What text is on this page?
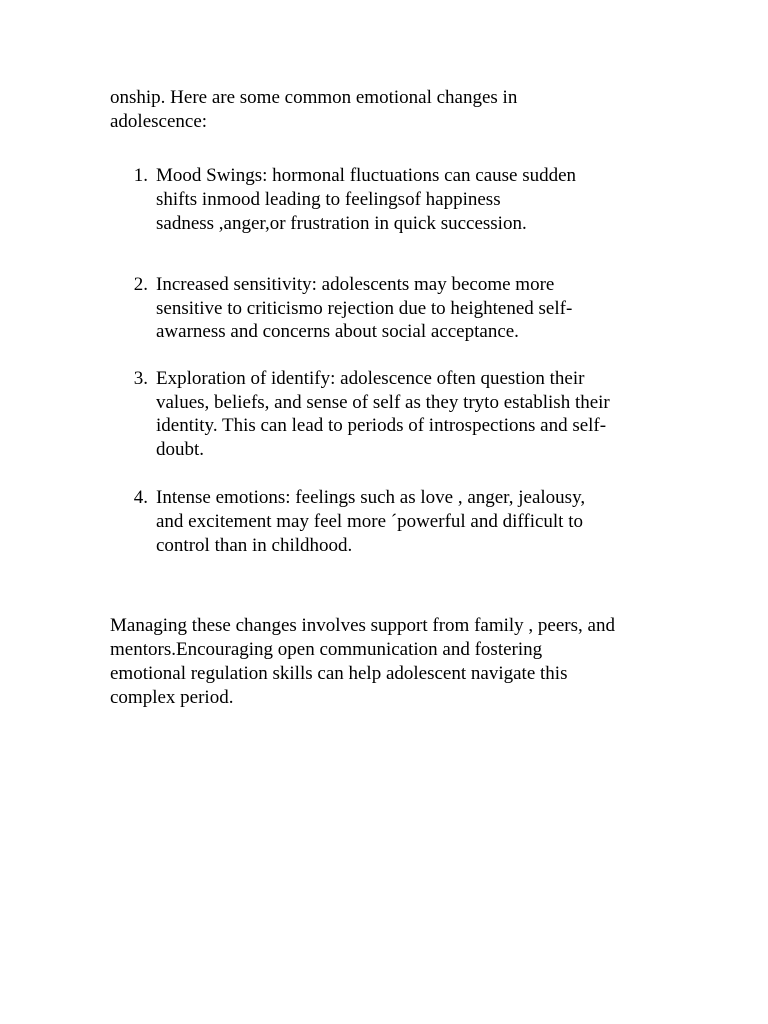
onship. Here are some common emotional changes in

adolescence:

1. Mood Swings: hormonal fluctuations can cause sudden

shifts inmood leading to feelingsof happiness

sadness ,anger,or frustration in quick succession.

2. Increased sensitivity: adolescents may become more

sensitive to criticismo rejection due to heightened self-

awarness and concerns about social acceptance.

3. Exploration of identify: adolescence often question their

values, beliefs, and sense of self as they tryto establish their

identity. This can lead to periods of introspections and self-

doubt.

4. Intense emotions: feelings such as love , anger, jealousy,

and excitement may feel more ´powerful and difficult to

control than in childhood.

Managing these changes involves support from family , peers, and

mentors.Encouraging open communication and fostering

emotional regulation skills can help adolescent navigate this

complex period.
